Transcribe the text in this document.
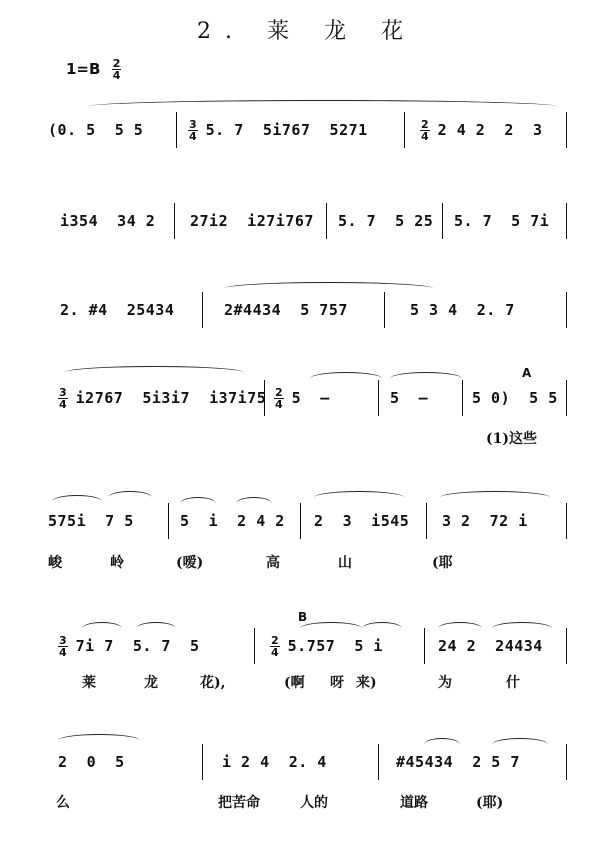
2. 莱 龙 花
$1=B \frac{2}{4}$
(0. 5  5 5	$\frac{3}{4} 5$. 7  5i767  5271	$\frac{2}{4} 2$ 4 2  2  3
i354  34 2 27i2  i27i767 5. 7  5 25 5. 7  5 7i
2. #4  25434	2#4434  5 757	5 3 4  2. 7
$\frac{3}{4} i2767$  5i3i7  $i37i75 \frac{2}{4} 5$  –	5  –	5 0)  5 5
A
(1)这些
575i  7 5	5  i  2 4 2 2  3  i545 3 2  72 i
峻	岭	(嗳)	高	山	(耶
$\frac{3}{4} 7i$ 7  5. 7  5	$\frac{2}{4} 5.757$  5 i	24 2  24434
B
莱	龙	花),	(啊 呀 来)	为	什
2  0  5	i 2 4  2. 4	#45434  2 5 7
么	把苦命	人的	道路	(耶)
